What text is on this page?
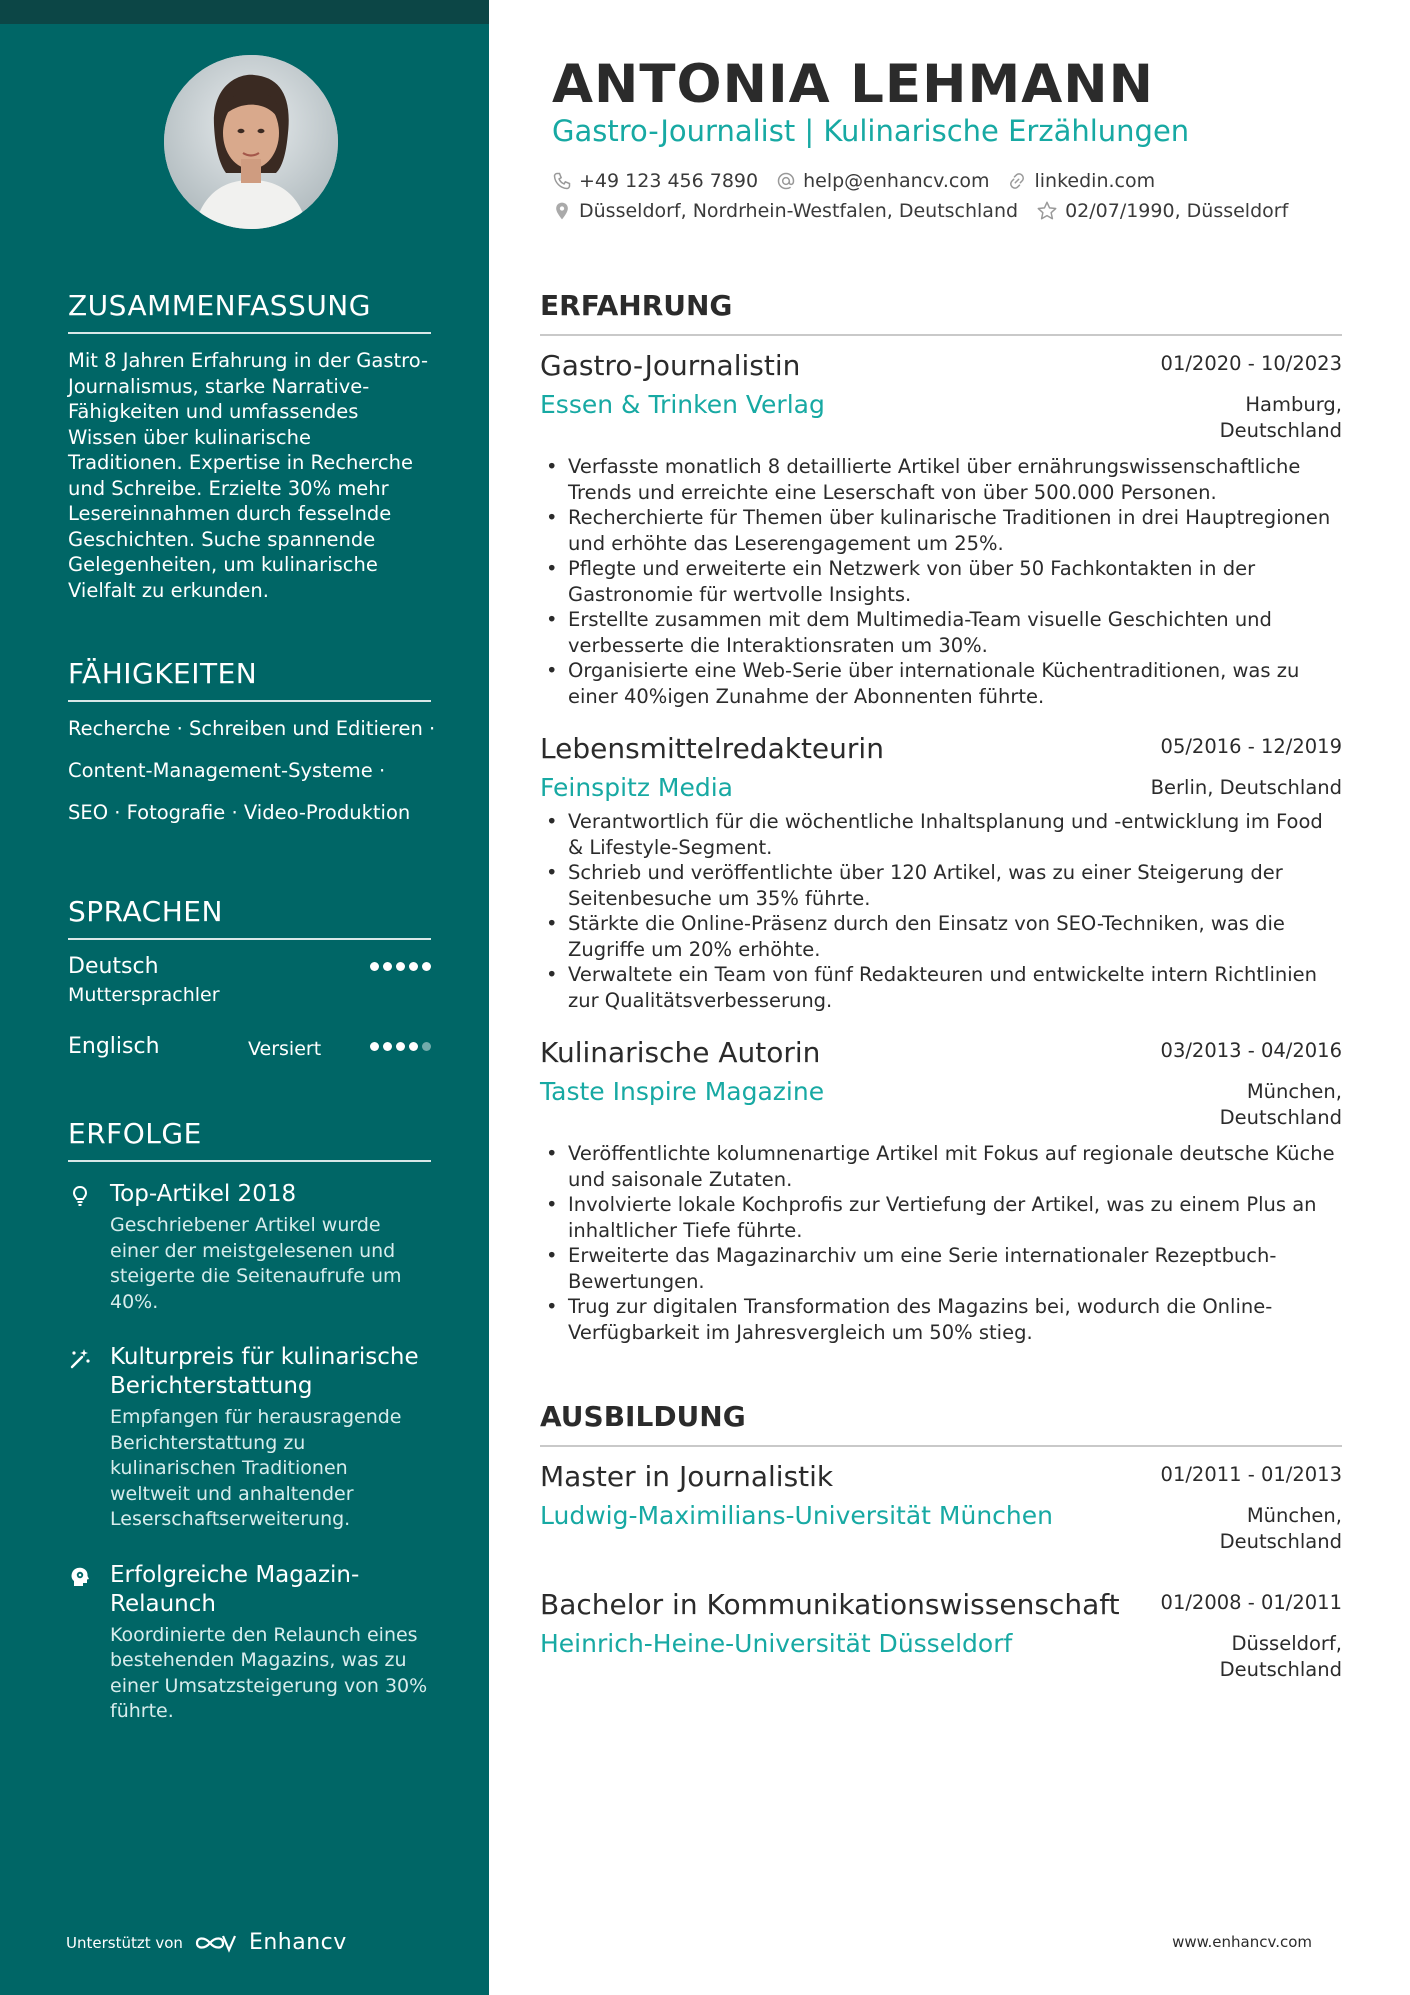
ZUSAMMENFASSUNG

Mit 8 Jahren Erfahrung in der Gastro-Journalismus, starke Narrative-Fähigkeiten und umfassendes Wissen über kulinarische Traditionen. Expertise in Recherche und Schreibe. Erzielte 30% mehr Lesereinnahmen durch fesselnde Geschichten. Suche spannende Gelegenheiten, um kulinarische Vielfalt zu erkunden.

FÄHIGKEITEN
Recherche · Schreiben und Editieren ·
Content-Management-Systeme ·
SEO · Fotografie · Video-Produktion
SPRACHEN
Deutsch
Muttersprachler
Englisch	Versiert
ERFOLGE
Top-Artikel 2018
Geschriebener Artikel wurde einer der meistgelesenen und steigerte die Seitenaufrufe um 40%.
Kulturpreis für kulinarische Berichterstattung
Empfangen für herausragende Berichterstattung zu kulinarischen Traditionen weltweit und anhaltender Leserschaftserweiterung.
Erfolgreiche Magazin-Relaunch
Koordinierte den Relaunch eines bestehenden Magazins, was zu einer Umsatzsteigerung von 30% führte.
Unterstützt von	Enhancv
ANTONIA LEHMANN
Gastro-Journalist | Kulinarische Erzählungen
+49 123 456 7890 help@enhancv.com linkedin.com
Düsseldorf, Nordrhein-Westfalen, Deutschland 02/07/1990, Düsseldorf
ERFAHRUNG
Gastro-Journalistin	01/2020 - 10/2023
Essen & Trinken Verlag	Hamburg, Deutschland
• Verfasste monatlich 8 detaillierte Artikel über ernährungswissenschaftliche Trends und erreichte eine Leserschaft von über 500.000 Personen.
• Recherchierte für Themen über kulinarische Traditionen in drei Hauptregionen und erhöhte das Leserengagement um 25%.
• Pflegte und erweiterte ein Netzwerk von über 50 Fachkontakten in der Gastronomie für wertvolle Insights.
• Erstellte zusammen mit dem Multimedia-Team visuelle Geschichten und verbesserte die Interaktionsraten um 30%.
• Organisierte eine Web-Serie über internationale Küchentraditionen, was zu einer 40%igen Zunahme der Abonnenten führte.
Lebensmittelredakteurin	05/2016 - 12/2019
Feinspitz Media	Berlin, Deutschland
• Verantwortlich für die wöchentliche Inhaltsplanung und -entwicklung im Food & Lifestyle-Segment.
• Schrieb und veröffentlichte über 120 Artikel, was zu einer Steigerung der Seitenbesuche um 35% führte.
• Stärkte die Online-Präsenz durch den Einsatz von SEO-Techniken, was die Zugriffe um 20% erhöhte.
• Verwaltete ein Team von fünf Redakteuren und entwickelte intern Richtlinien zur Qualitätsverbesserung.
Kulinarische Autorin	03/2013 - 04/2016
Taste Inspire Magazine	München, Deutschland
• Veröffentlichte kolumnenartige Artikel mit Fokus auf regionale deutsche Küche und saisonale Zutaten.
• Involvierte lokale Kochprofis zur Vertiefung der Artikel, was zu einem Plus an inhaltlicher Tiefe führte.
• Erweiterte das Magazinarchiv um eine Serie internationaler Rezeptbuch-Bewertungen.
• Trug zur digitalen Transformation des Magazins bei, wodurch die Online-Verfügbarkeit im Jahresvergleich um 50% stieg.
AUSBILDUNG
Master in Journalistik	01/2011 - 01/2013
Ludwig-Maximilians-Universität München	München, Deutschland
Bachelor in Kommunikationswissenschaft	01/2008 - 01/2011
Heinrich-Heine-Universität Düsseldorf	Düsseldorf, Deutschland
www.enhancv.com
